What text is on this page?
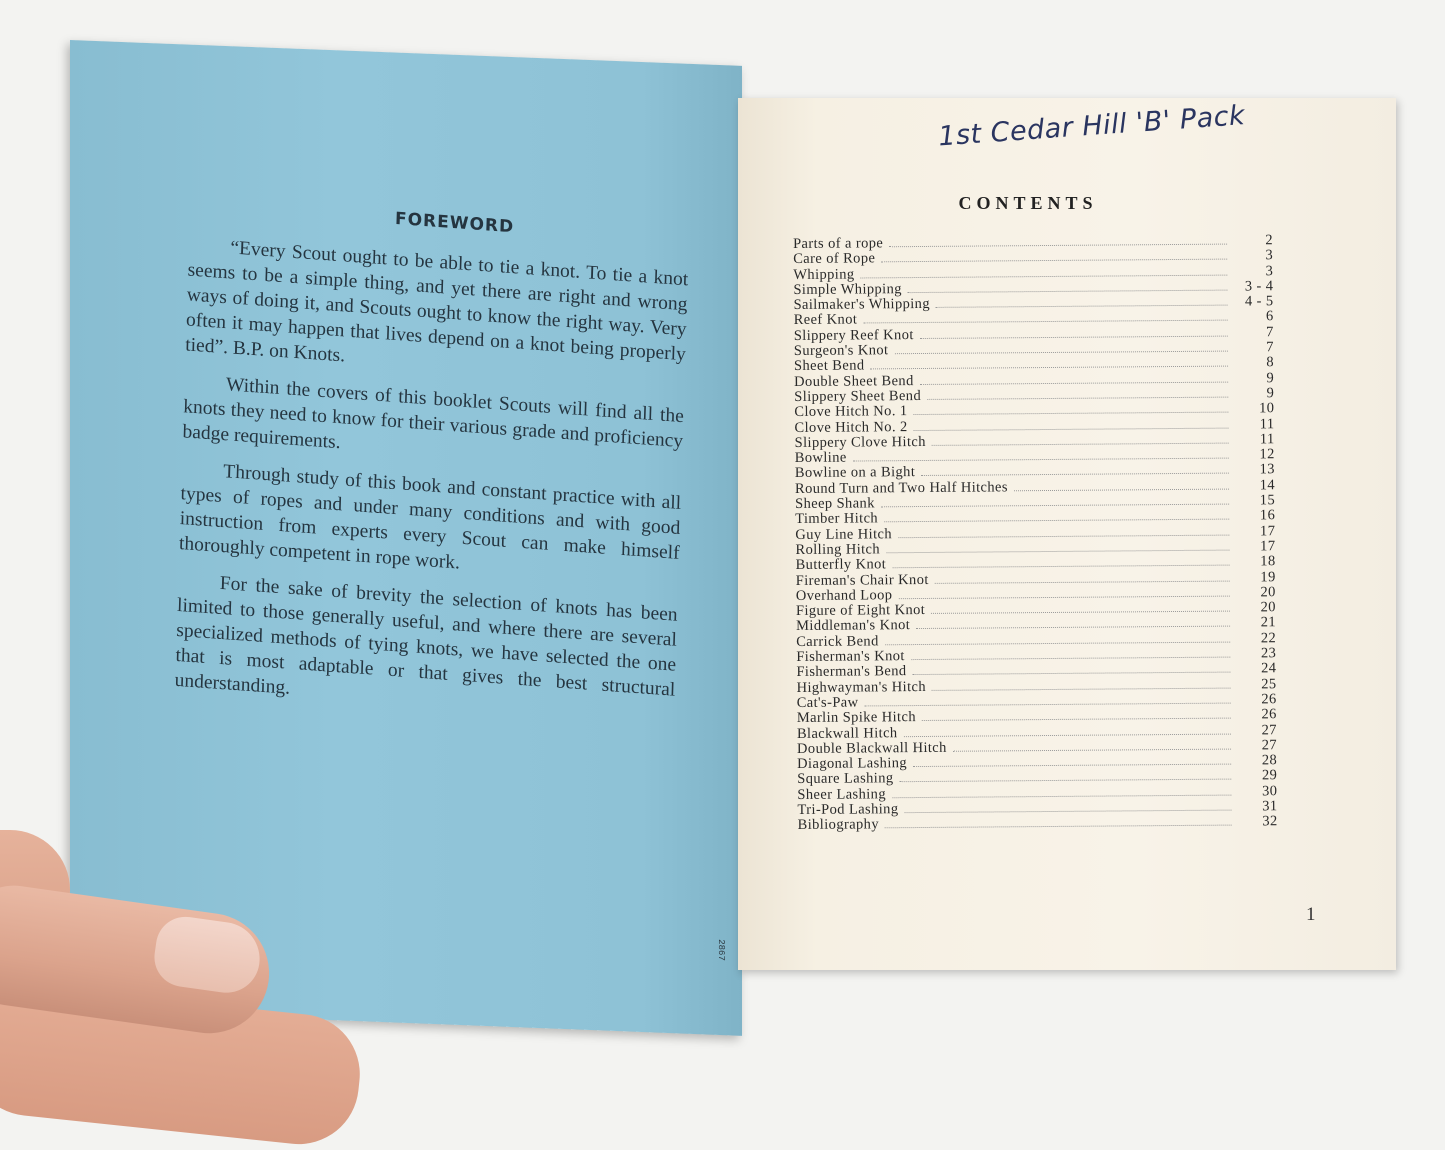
FOREWORD

“Every Scout ought to be able to tie a knot. To tie a knot seems to be a simple thing, and yet there are right and wrong ways of doing it, and Scouts ought to know the right way. Very often it may happen that lives depend on a knot being properly tied”. B.P. on Knots.

Within the covers of this booklet Scouts will find all the knots they need to know for their various grade and proficiency badge requirements.

Through study of this book and constant practice with all types of ropes and under many conditions and with good instruction from experts every Scout can make himself thoroughly competent in rope work.

For the sake of brevity the selection of knots has been limited to those generally useful, and where there are several specialized methods of tying knots, we have selected the one that is most adaptable or that gives the best structural understanding.

2867
1st Cedar Hill 'B' Pack
CONTENTS
Parts of a rope	2
Care of Rope	3
Whipping	3
Simple Whipping	3 - 4
Sailmaker's Whipping	4 - 5
Reef Knot	6
Slippery Reef Knot	7
Surgeon's Knot	7
Sheet Bend	8
Double Sheet Bend	9
Slippery Sheet Bend	9
Clove Hitch No. 1	10
Clove Hitch No. 2	11
Slippery Clove Hitch	11
Bowline	12
Bowline on a Bight	13
Round Turn and Two Half Hitches	14
Sheep Shank	15
Timber Hitch	16
Guy Line Hitch	17
Rolling Hitch	17
Butterfly Knot	18
Fireman's Chair Knot	19
Overhand Loop	20
Figure of Eight Knot	20
Middleman's Knot	21
Carrick Bend	22
Fisherman's Knot	23
Fisherman's Bend	24
Highwayman's Hitch	25
Cat's-Paw	26
Marlin Spike Hitch	26
Blackwall Hitch	27
Double Blackwall Hitch	27
Diagonal Lashing	28
Square Lashing	29
Sheer Lashing	30
Tri-Pod Lashing	31
Bibliography	32
1
